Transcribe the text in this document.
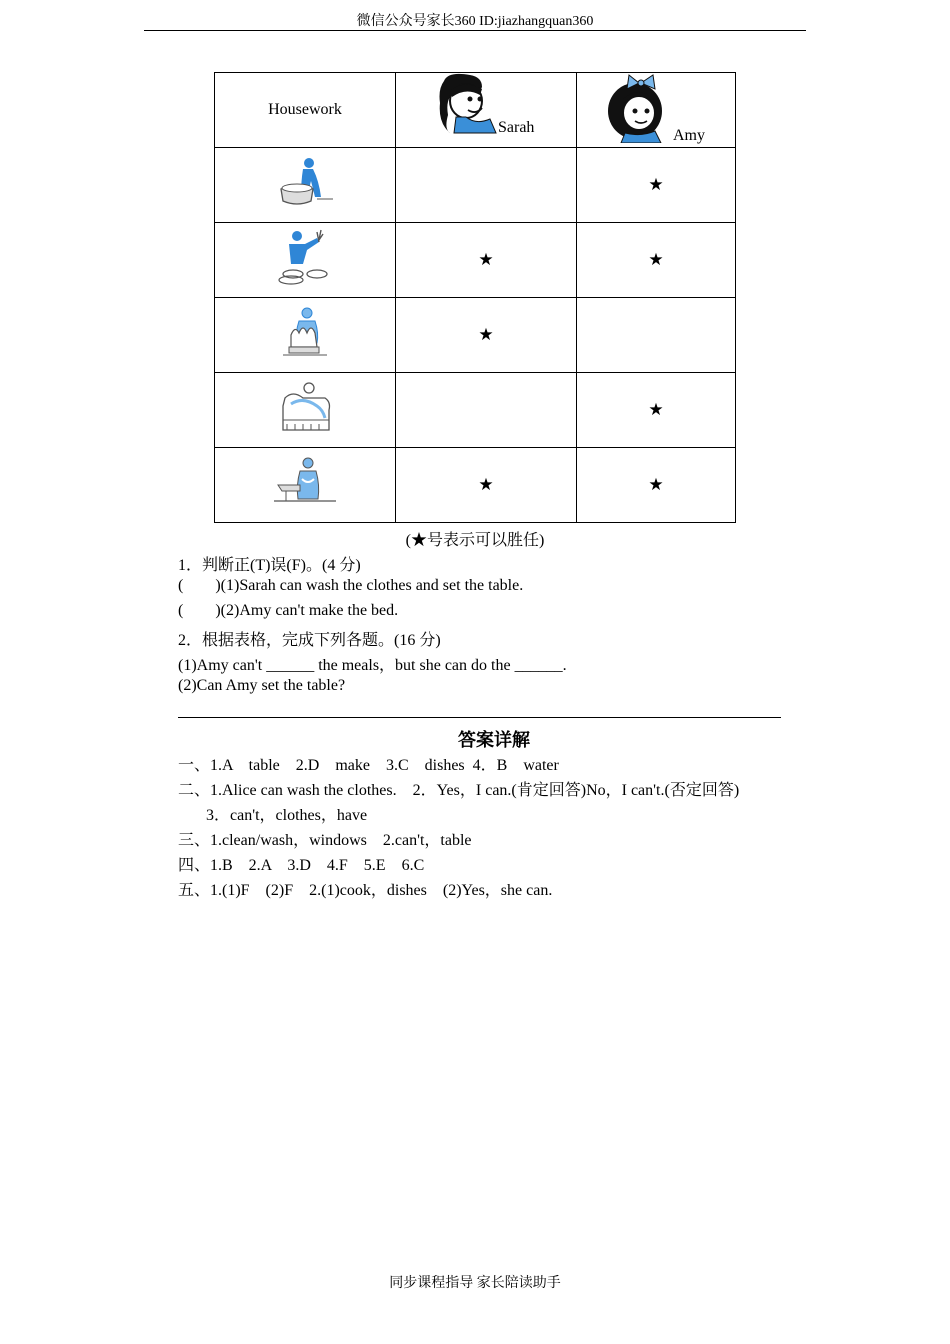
微信公众号家长360 ID:jiazhangquan360
Housework	Sarah	Amy

		★
	★	★
	★	
		★
	★	★
(★号表示可以胜任)
1．判断正(T)误(F)。(4 分)
(        )(1)Sarah can wash the clothes and set the table.
(        )(2)Amy can't make the bed.
2．根据表格，完成下列各题。(16 分)
(1)Amy can't ______ the meals，but she can do the ______.
(2)Can Amy set the table?
答案详解
一、1.A    table    2.D    make    3.C    dishes  4．B    water
二、1.Alice can wash the clothes.    2．Yes，I can.(肯定回答)No，I can't.(否定回答)
3．can't，clothes，have
三、1.clean/wash，windows    2.can't，table
四、1.B    2.A    3.D    4.F    5.E    6.C
五、1.(1)F    (2)F    2.(1)cook，dishes    (2)Yes，she can.
同步课程指导 家长陪读助手
